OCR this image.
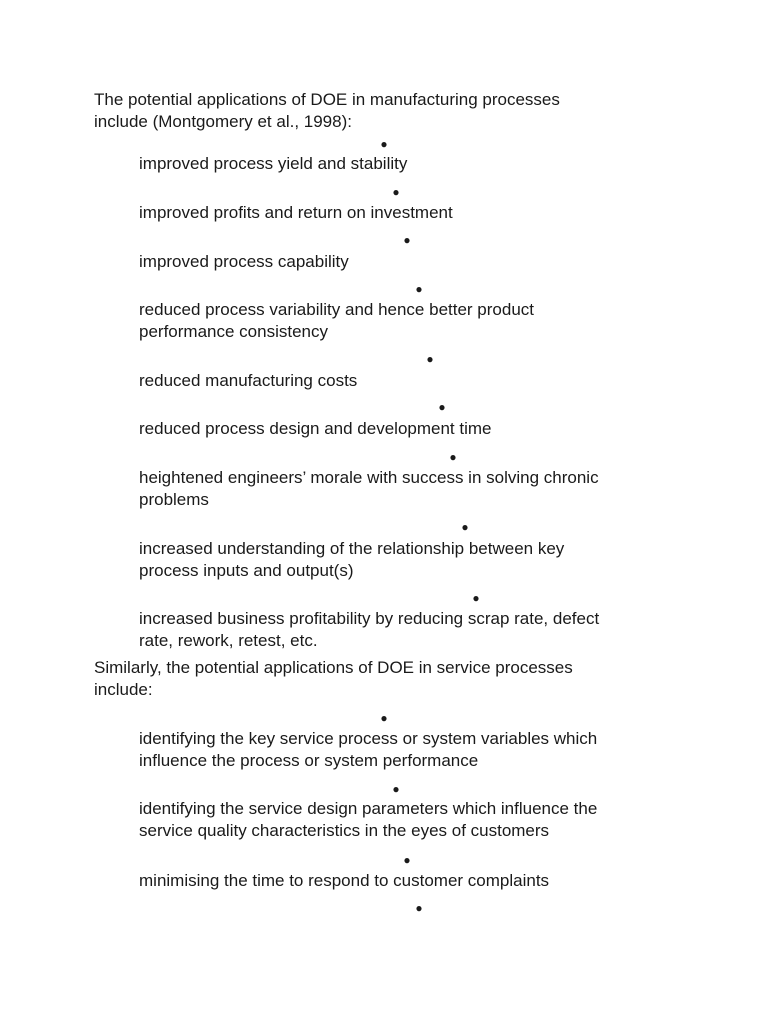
The potential applications of DOE in manufacturing processes
include (Montgomery et al., 1998):

●

improved process yield and stability

●

improved profits and return on investment

●

improved process capability

●

reduced process variability and hence better product
performance consistency

●

reduced manufacturing costs

●

reduced process design and development time

●

heightened engineers’ morale with success in solving chronic
problems

●

increased understanding of the relationship between key
process inputs and output(s)

●

increased business profitability by reducing scrap rate, defect
rate, rework, retest, etc.

Similarly, the potential applications of DOE in service processes
include:

●

identifying the key service process or system variables which
influence the process or system performance

●

identifying the service design parameters which influence the
service quality characteristics in the eyes of customers

●

minimising the time to respond to customer complaints

●
